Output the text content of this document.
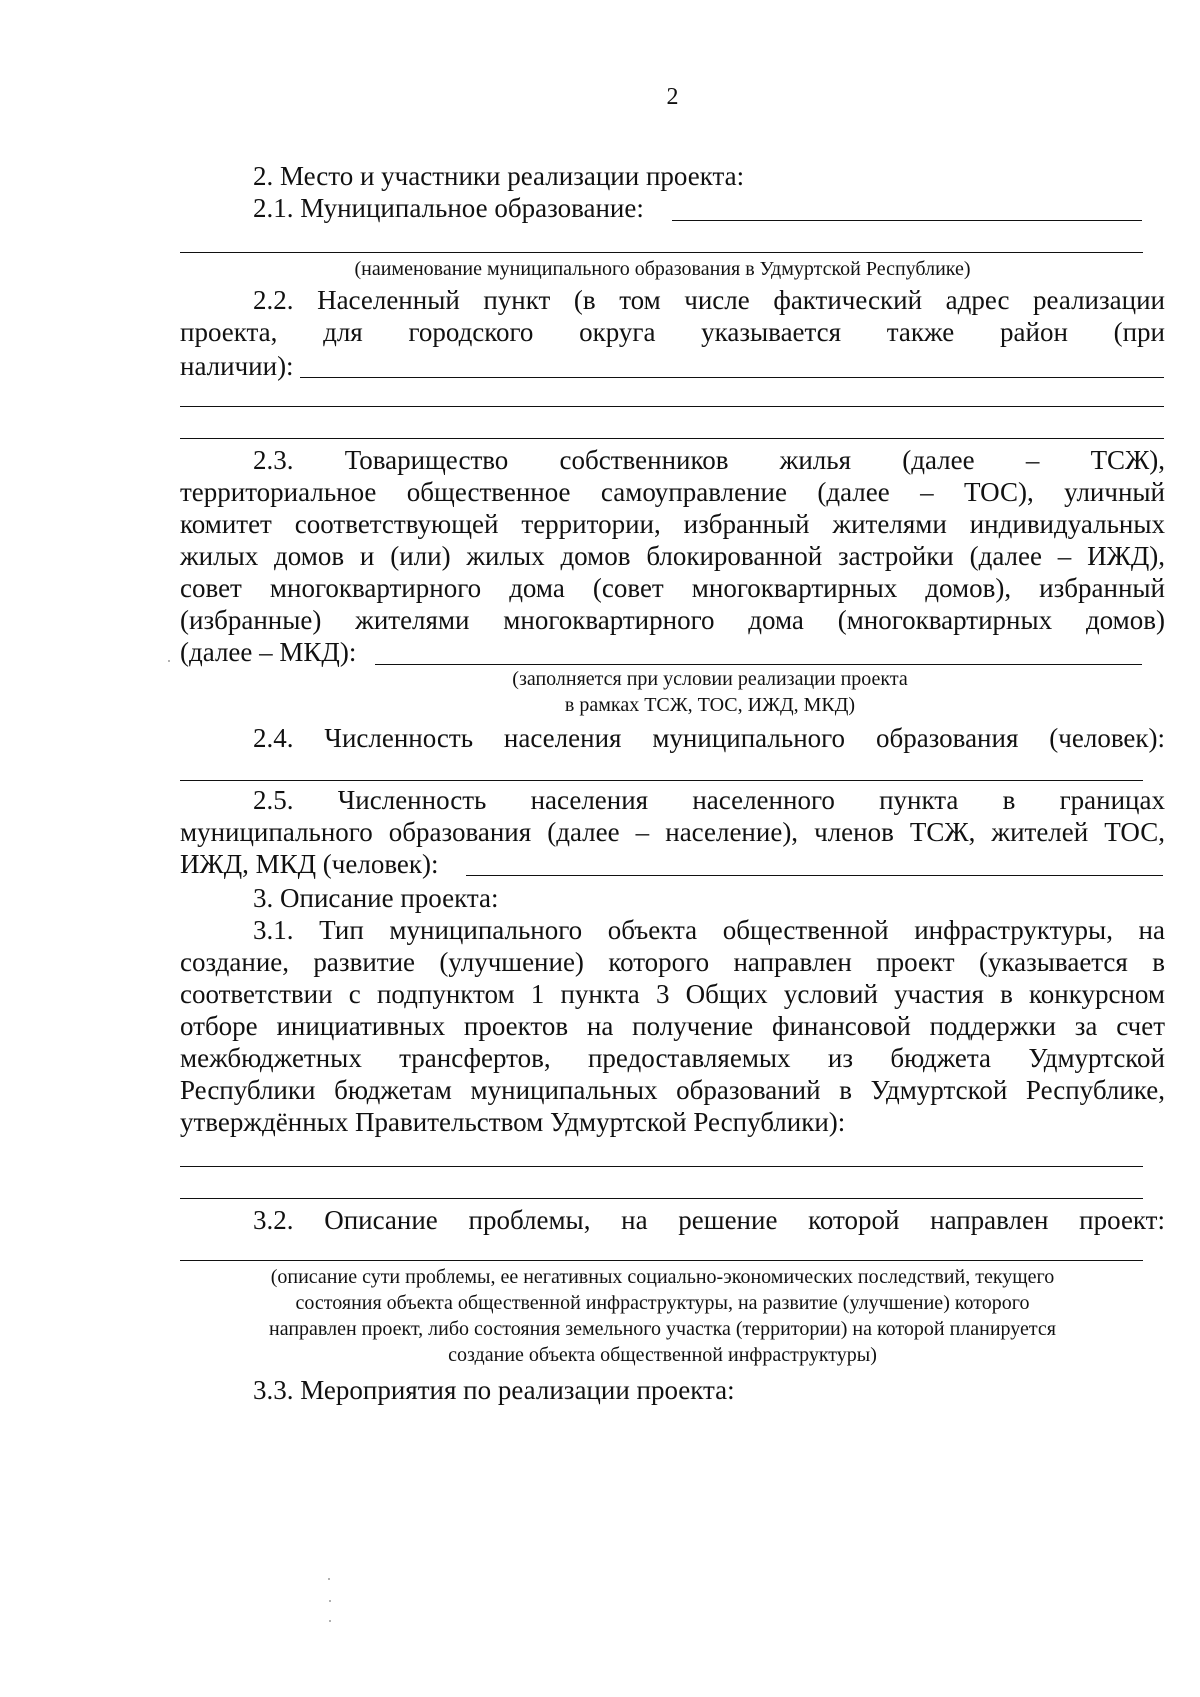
2
2. Место и участники реализации проекта:
2.1. Муниципальное образование:
(наименование муниципального образования в Удмуртской Республике)
2.2. Населенный пункт (в том числе фактический адрес реализации
проекта, для городского округа указывается также район (при
наличии):
2.3. Товарищество собственников жилья (далее – ТСЖ),
территориальное общественное самоуправление (далее – ТОС), уличный
комитет соответствующей территории, избранный жителями индивидуальных
жилых домов и (или) жилых домов блокированной застройки (далее – ИЖД),
совет многоквартирного дома (совет многоквартирных домов), избранный
(избранные) жителями многоквартирного дома (многоквартирных домов)
(далее – МКД):
(заполняется при условии реализации проекта
в рамках ТСЖ, ТОС, ИЖД, МКД)
2.4. Численность населения муниципального образования (человек):
2.5. Численность населения населенного пункта в границах
муниципального образования (далее – население), членов ТСЖ, жителей ТОС,
ИЖД, МКД (человек):
3. Описание проекта:
3.1. Тип муниципального объекта общественной инфраструктуры, на
создание, развитие (улучшение) которого направлен проект (указывается в
соответствии с подпунктом 1 пункта 3 Общих условий участия в конкурсном
отборе инициативных проектов на получение финансовой поддержки за счет
межбюджетных трансфертов, предоставляемых из бюджета Удмуртской
Республики бюджетам муниципальных образований в Удмуртской Республике,
утверждённых Правительством Удмуртской Республики):
3.2. Описание проблемы, на решение которой направлен проект:
(описание сути проблемы, ее негативных социально-экономических последствий, текущего
состояния объекта общественной инфраструктуры, на развитие (улучшение) которого
направлен проект, либо состояния земельного участка (территории) на которой планируется
создание объекта общественной инфраструктуры)
3.3. Мероприятия по реализации проекта:
